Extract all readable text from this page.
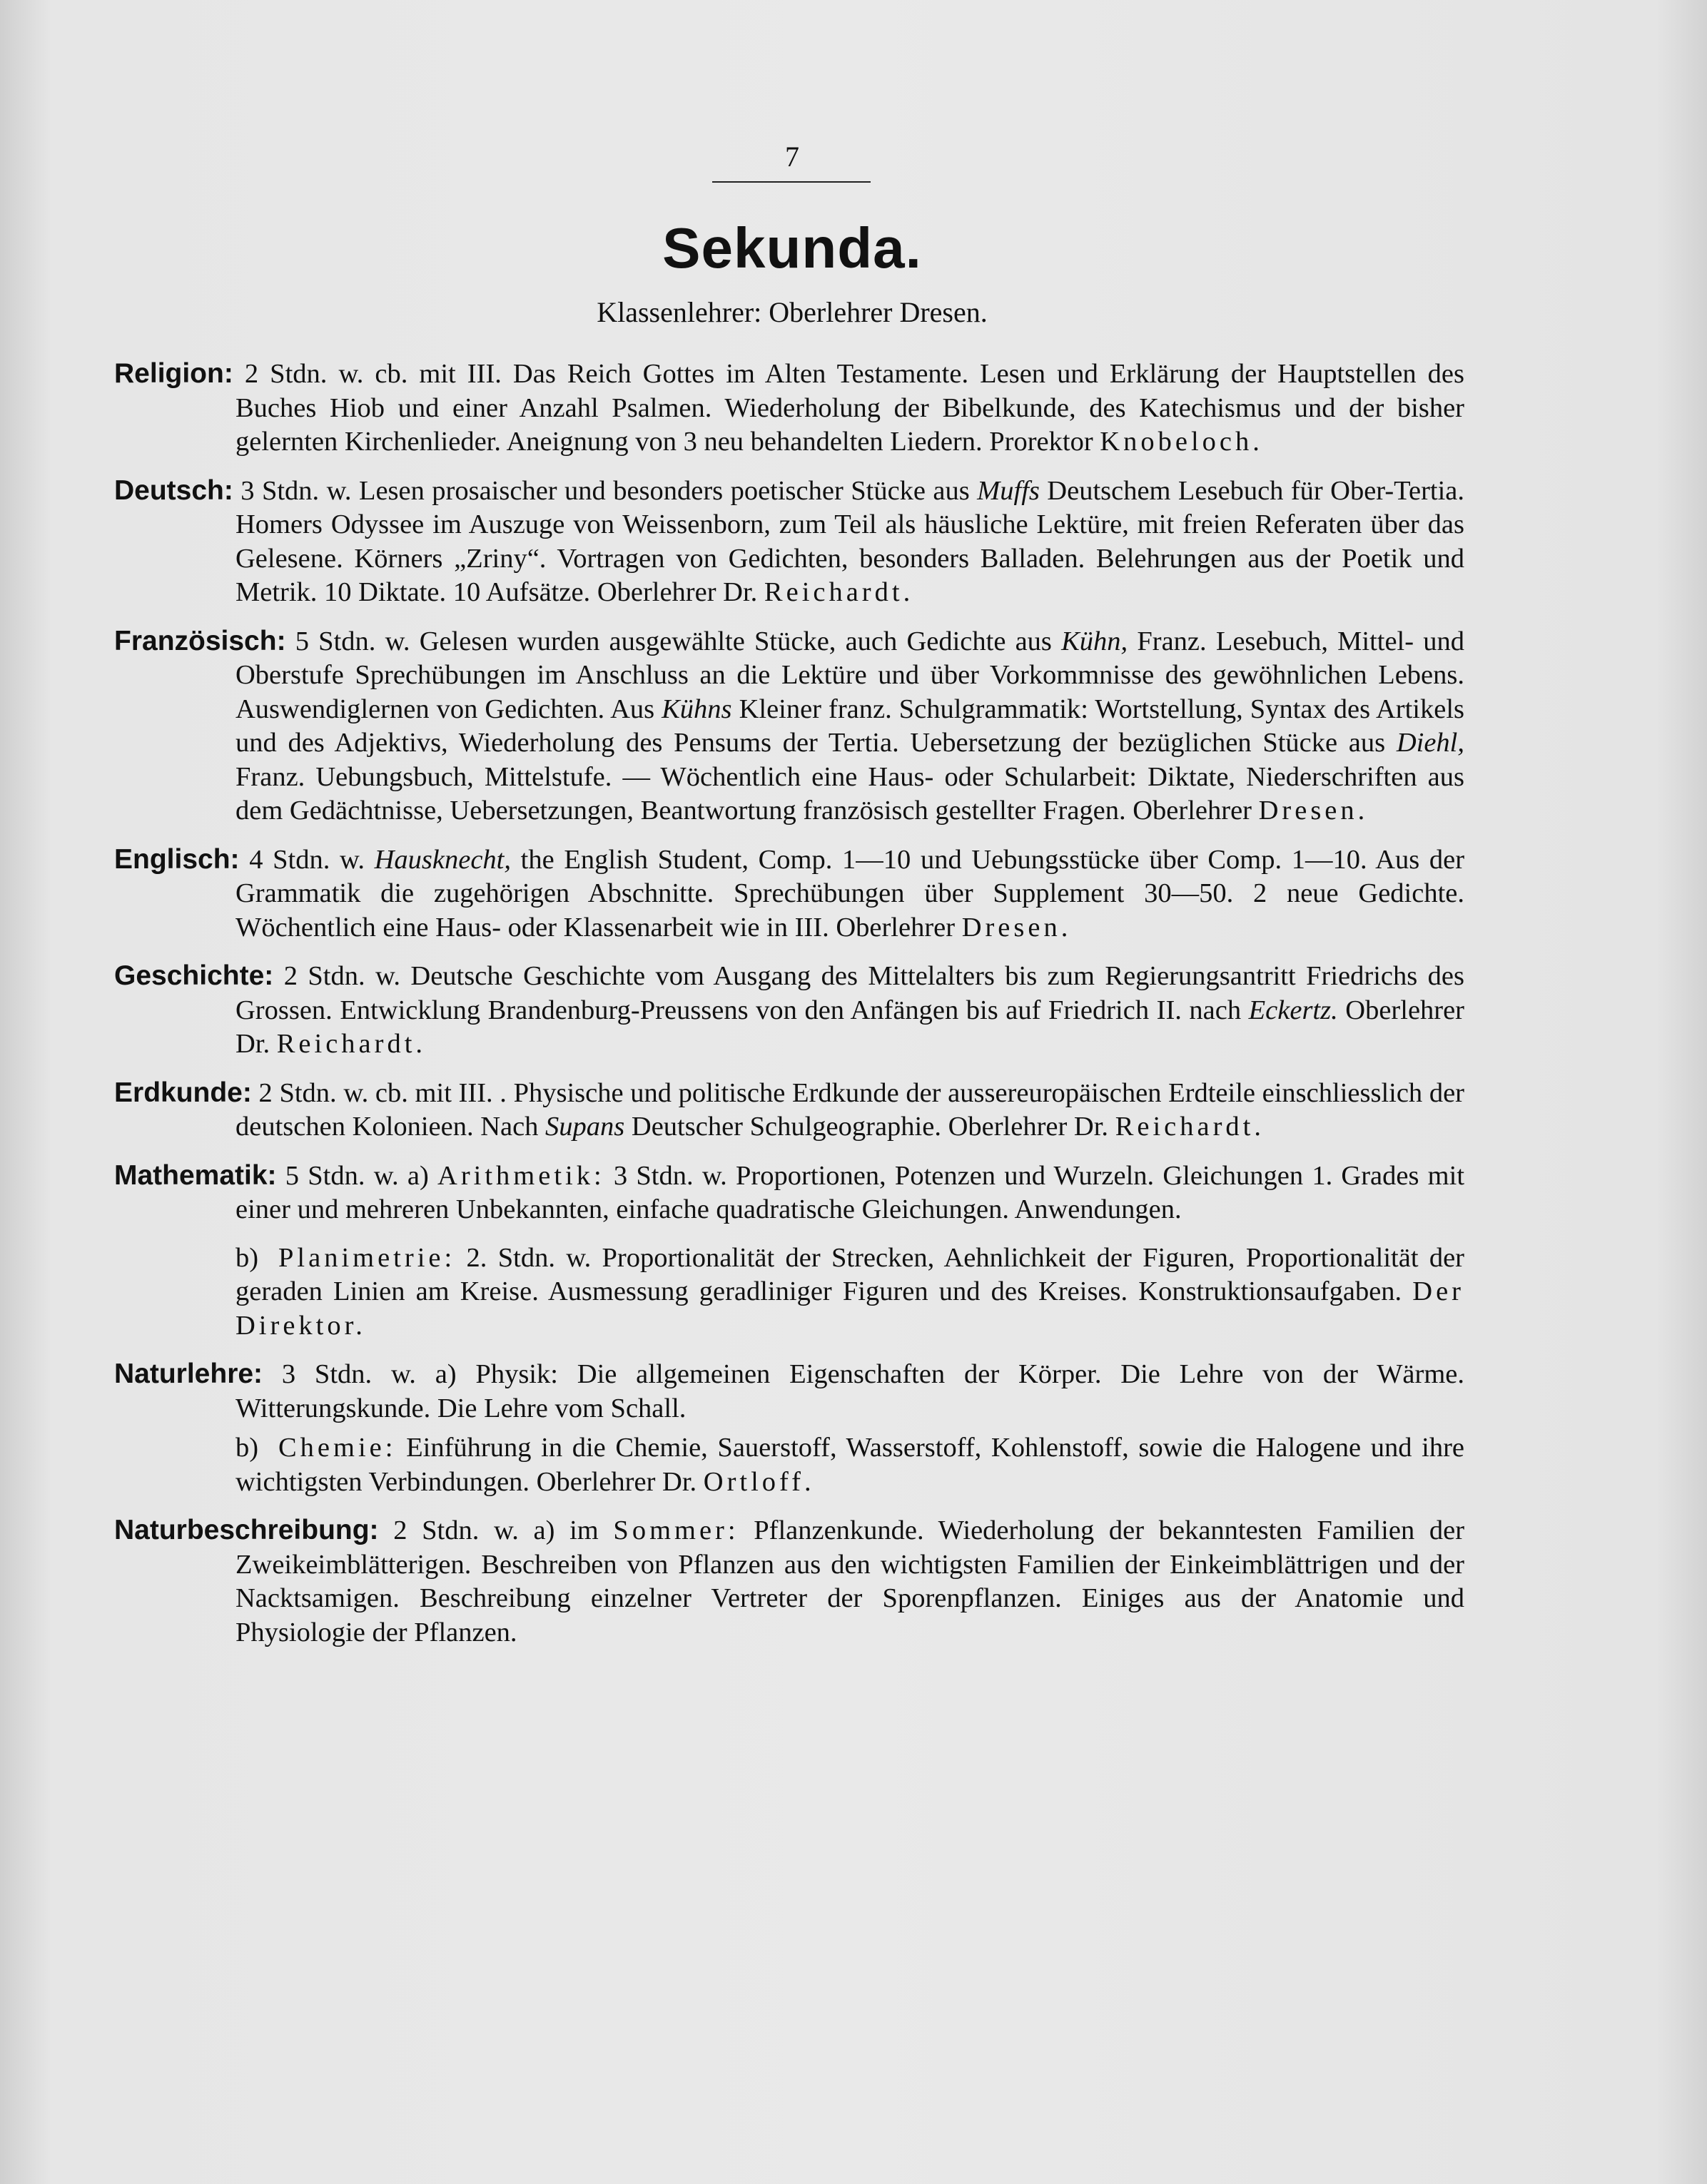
7
Sekunda.
Klassenlehrer: Oberlehrer Dresen.

Religion: 2 Stdn. w. cb. mit III. Das Reich Gottes im Alten Testamente. Lesen und Erklärung der Hauptstellen des Buches Hiob und einer Anzahl Psalmen. Wiederholung der Bibelkunde, des Katechismus und der bisher gelernten Kirchenlieder. Aneignung von 3 neu behandelten Liedern. Prorektor Knobeloch.

Deutsch: 3 Stdn. w. Lesen prosaischer und besonders poetischer Stücke aus Muffs Deutschem Lesebuch für Ober-Tertia. Homers Odyssee im Auszuge von Weissenborn, zum Teil als häusliche Lektüre, mit freien Referaten über das Gelesene. Körners „Zriny“. Vortragen von Gedichten, besonders Balladen. Belehrungen aus der Poetik und Metrik. 10 Diktate. 10 Aufsätze. Oberlehrer Dr. Reichardt.

Französisch: 5 Stdn. w. Gelesen wurden ausgewählte Stücke, auch Gedichte aus Kühn, Franz. Lesebuch, Mittel- und Oberstufe Sprechübungen im Anschluss an die Lektüre und über Vorkommnisse des gewöhnlichen Lebens. Auswendiglernen von Gedichten. Aus Kühns Kleiner franz. Schulgrammatik: Wortstellung, Syntax des Artikels und des Adjektivs, Wiederholung des Pensums der Tertia. Uebersetzung der bezüglichen Stücke aus Diehl, Franz. Uebungsbuch, Mittelstufe. — Wöchentlich eine Haus- oder Schularbeit: Diktate, Niederschriften aus dem Gedächtnisse, Uebersetzungen, Beantwortung französisch gestellter Fragen. Oberlehrer Dresen.

Englisch: 4 Stdn. w. Hausknecht, the English Student, Comp. 1—10 und Uebungsstücke über Comp. 1—10. Aus der Grammatik die zugehörigen Abschnitte. Sprechübungen über Supplement 30—50. 2 neue Gedichte. Wöchentlich eine Haus- oder Klassenarbeit wie in III. Oberlehrer Dresen.

Geschichte: 2 Stdn. w. Deutsche Geschichte vom Ausgang des Mittelalters bis zum Regierungsantritt Friedrichs des Grossen. Entwicklung Brandenburg-Preussens von den Anfängen bis auf Friedrich II. nach Eckertz. Oberlehrer Dr. Reichardt.

Erdkunde: 2 Stdn. w. cb. mit III. . Physische und politische Erdkunde der aussereuropäischen Erdteile einschliesslich der deutschen Kolonieen. Nach Supans Deutscher Schulgeographie. Oberlehrer Dr. Reichardt.

Mathematik: 5 Stdn. w. a) Arithmetik: 3 Stdn. w. Proportionen, Potenzen und Wurzeln. Gleichungen 1. Grades mit einer und mehreren Unbekannten, einfache quadratische Gleichungen. Anwendungen.

b) Planimetrie: 2. Stdn. w. Proportionalität der Strecken, Aehnlichkeit der Figuren, Proportionalität der geraden Linien am Kreise. Ausmessung geradliniger Figuren und des Kreises. Konstruktionsaufgaben. Der Direktor.

Naturlehre: 3 Stdn. w. a) Physik: Die allgemeinen Eigenschaften der Körper. Die Lehre von der Wärme. Witterungskunde. Die Lehre vom Schall.

b) Chemie: Einführung in die Chemie, Sauerstoff, Wasserstoff, Kohlenstoff, sowie die Halogene und ihre wichtigsten Verbindungen. Oberlehrer Dr. Ortloff.

Naturbeschreibung: 2 Stdn. w. a) im Sommer: Pflanzenkunde. Wiederholung der bekanntesten Familien der Zweikeimblätterigen. Beschreiben von Pflanzen aus den wichtigsten Familien der Einkeimblättrigen und der Nacktsamigen. Beschreibung einzelner Vertreter der Sporenpflanzen. Einiges aus der Anatomie und Physiologie der Pflanzen.
